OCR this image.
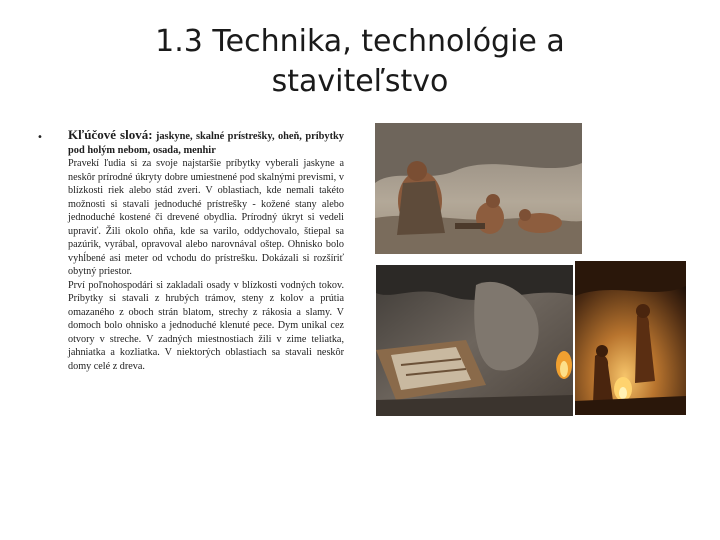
1.3 Technika, technológie a
staviteľstvo
• Kľúčové slová: jaskyne, skalné prístrešky, oheň, príbytky pod holým nebom, osada, menhir

Pravekí ľudia si za svoje najstaršie príbytky vyberali jaskyne a neskôr prírodné úkryty dobre umiestnené pod skalnými prevismi, v blízkosti riek alebo stád zveri. V oblastiach, kde nemali takéto možnosti si stavali jednoduché prístrešky - kožené stany alebo jednoduché kostené či drevené obydlia. Prírodný úkryt si vedeli upraviť. Žili okolo ohňa, kde sa varilo, oddychovalo, štiepal sa pazúrik, vyrábal, opravoval alebo narovnával oštep. Ohnisko bolo vyhĺbené asi meter od vchodu do prístrešku. Dokázali si rozšíriť obytný priestor.

Prví poľnohospodári si zakladali osady v blízkosti vodných tokov. Príbytky si stavali z hrubých trámov, steny z kolov a prútia omazaného z oboch strán blatom, strechy z rákosia a slamy. V domoch bolo ohnisko a jednoduché klenuté pece. Dym unikal cez otvory v streche. V zadných miestnostiach žili v zime teliatka, jahniatka a kozliatka. V niektorých oblastiach sa stavali neskôr domy celé z dreva.
